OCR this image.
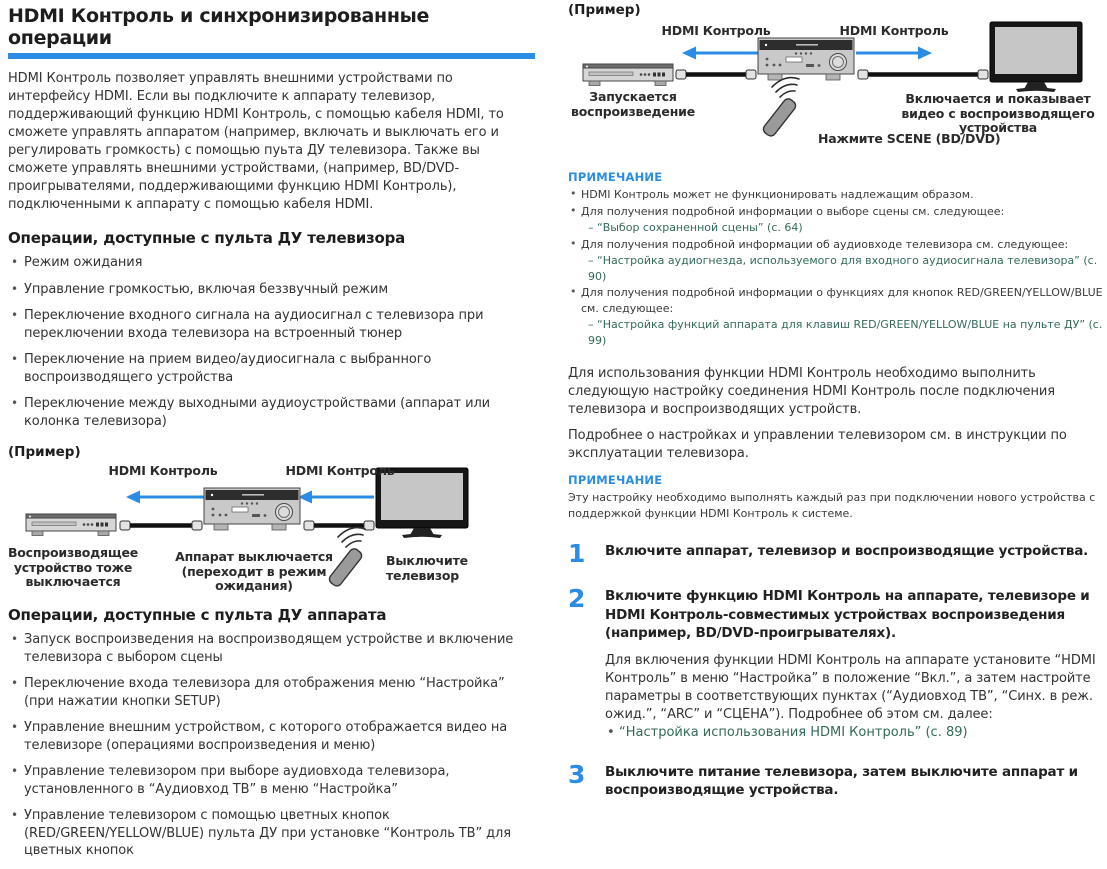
HDMI Контроль и синхронизированные операции

HDMI Контроль позволяет управлять внешними устройствами по интерфейсу HDMI. Если вы подключите к аппарату телевизор, поддерживающий функцию HDMI Контроль, с помощью кабеля HDMI, то сможете управлять аппаратом (например, включать и выключать его и регулировать громкость) с помощью пуьта ДУ телевизора. Также вы сможете управлять внешними устройствами, (например, BD/DVD-проигрывателями, поддерживающими функцию HDMI Контроль), подключенными к аппарату с помощью кабеля HDMI.

Операции, доступные с пульта ДУ телевизора
• Режим ожидания
• Управление громкостью, включая беззвучный режим
• Переключение входного сигнала на аудиосигнал с телевизора при переключении входа телевизора на встроенный тюнер
• Переключение на прием видео/аудиосигнала с выбранного воспроизводящего устройства
• Переключение между выходными аудиоустройствами (аппарат или колонка телевизора)
(Пример)
HDMI Контроль	HDMI Контроль
Воспроизводящее устройство тоже выключается
Аппарат выключается (переходит в режим ожидания)
Выключите телевизор
Операции, доступные с пульта ДУ аппарата
• Запуск воспроизведения на воспроизводящем устройстве и включение телевизора с выбором сцены
• Переключение входа телевизора для отображения меню “Настройка” (при нажатии кнопки SETUP)
• Управление внешним устройством, с которого отображается видео на телевизоре (операциями воспроизведения и меню)
• Управление телевизором при выборе аудиовхода телевизора, установленного в “Аудиовход ТВ” в меню “Настройка”
• Управление телевизором с помощью цветных кнопок (RED/GREEN/YELLOW/BLUE) пульта ДУ при установке “Контроль ТВ” для цветных кнопок
(Пример)
HDMI Контроль	HDMI Контроль
Запускается воспроизведение
Нажмите SCENE (BD/DVD)
Включается и показывает видео с воспроизводящего устройства
ПРИМЕЧАНИЕ
• HDMI Контроль может не функционировать надлежащим образом.
• Для получения подробной информации о выборе сцены см. следующее:
– “Выбор сохраненной сцены” (с. 64)
• Для получения подробной информации об аудиовходе телевизора см. следующее:
– “Настройка аудиогнезда, используемого для входного аудиосигнала телевизора” (с. 90)
• Для получения подробной информации о функциях для кнопок RED/GREEN/YELLOW/BLUE см. следующее:
– “Настройка функций аппарата для клавиш RED/GREEN/YELLOW/BLUE на пульте ДУ” (с. 99)

Для использования функции HDMI Контроль необходимо выполнить следующую настройку соединения HDMI Контроль после подключения телевизора и воспроизводящих устройств.

Подробнее о настройках и управлении телевизором см. в инструкции по эксплуатации телевизора.

ПРИМЕЧАНИЕ
Эту настройку необходимо выполнять каждый раз при подключении нового устройства с поддержкой функции HDMI Контроль к системе.
1	Включите аппарат, телевизор и воспроизводящие устройства.
2	Включите функцию HDMI Контроль на аппарате, телевизоре и HDMI Контроль-совместимых устройствах воспроизведения (например, BD/DVD-проигрывателях).
Для включения функции HDMI Контроль на аппарате установите “HDMI Контроль” в меню “Настройка” в положение “Вкл.”, а затем настройте параметры в соответствующих пунктах (“Аудиовход ТВ”, “Синх. в реж. ожид.”, “ARC” и “СЦЕНА”). Подробнее об этом см. далее:
• “Настройка использования HDMI Контроль” (с. 89)
3	Выключите питание телевизора, затем выключите аппарат и воспроизводящие устройства.
